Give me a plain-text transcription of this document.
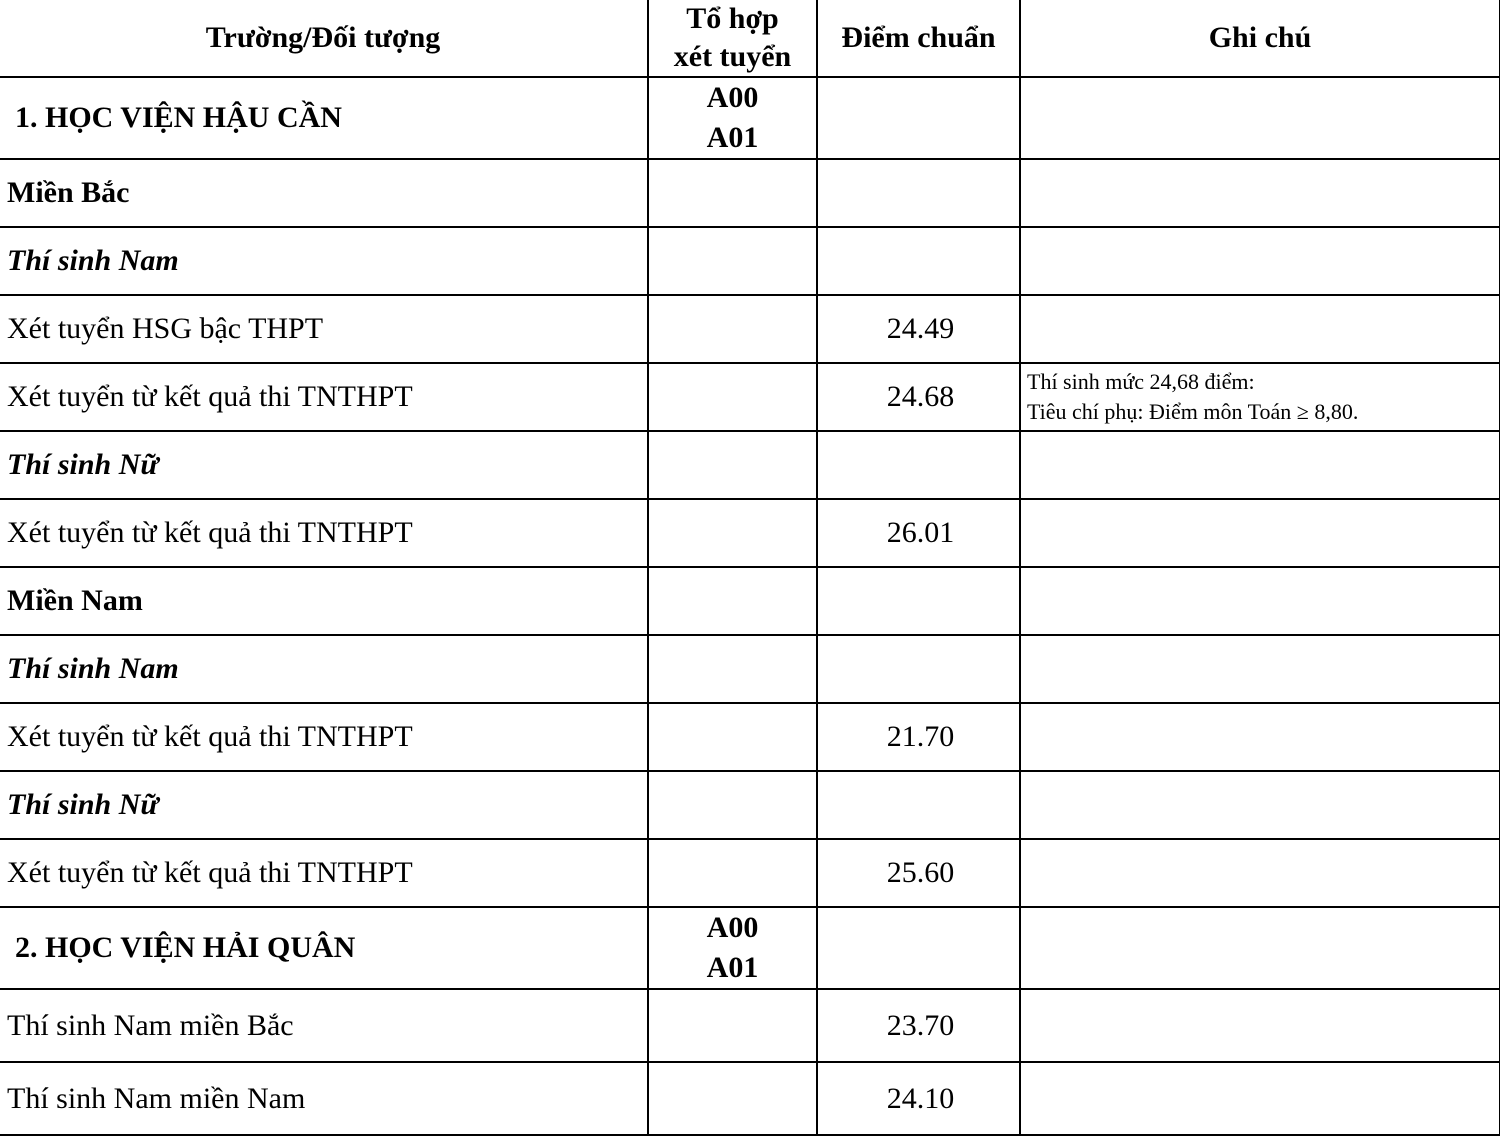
Trường/Đối tượng	Tổ hợp
xét tuyển	Điểm chuẩn	Ghi chú
1. HỌC VIỆN HẬU CẦN	A00
A01		

Miền Bắc			
Thí sinh Nam			
Xét tuyển HSG bậc THPT		24.49	
Xét tuyển từ kết quả thi TNTHPT		24.68	Thí sinh mức 24,68 điểm:
Tiêu chí phụ: Điểm môn Toán ≥ 8,80.

Thí sinh Nữ			
Xét tuyển từ kết quả thi TNTHPT		26.01	
Miền Nam			
Thí sinh Nam			
Xét tuyển từ kết quả thi TNTHPT		21.70	
Thí sinh Nữ			
Xét tuyển từ kết quả thi TNTHPT		25.60	
2. HỌC VIỆN HẢI QUÂN	A00
A01		

Thí sinh Nam miền Bắc		23.70	
Thí sinh Nam miền Nam		24.10	
